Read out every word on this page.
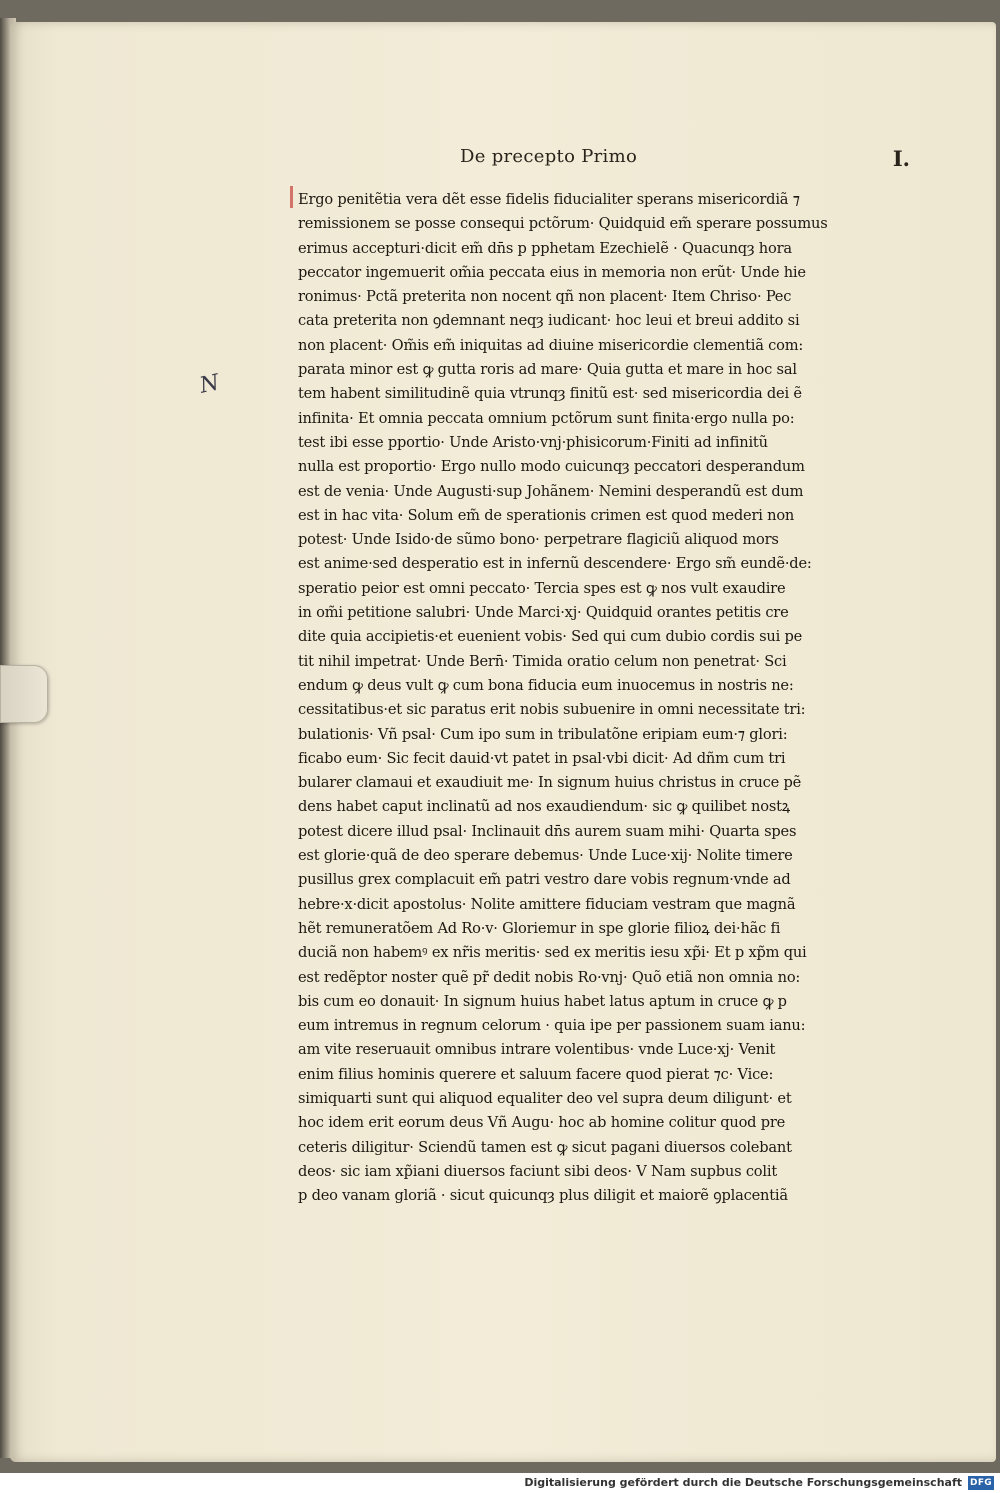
De precepto Primo	I.
N
Ergo penitẽtia vera dẽt esse fidelis fiducialiter sperans misericordiã ⁊
remissionem se posse consequi pctõrum· Quidquid em̃ sperare possumus
erimus accepturi·dicit em̃ dn̄s p pphetam Ezechielẽ · Quacunqȝ hora
peccator ingemuerit om̃ia peccata eius in memoria non erũt· Unde hie
ronimus· Pctã preterita non nocent qñ non placent· Item Chriso· Pec
cata preterita non ꝯdemnant neqȝ iudicant· hoc leui et breui addito si
non placent· Om̃is em̃ iniquitas ad diuine misericordie clementiã com:
parata minor est ꝙ gutta roris ad mare· Quia gutta et mare in hoc sal
tem habent similitudinẽ quia vtrunqȝ finitũ est· sed misericordia dei ẽ
infinita· Et omnia peccata omnium pctõrum sunt finita·ergo nulla po:
test ibi esse pportio· Unde Aristo·vnj·phisicorum·Finiti ad infinitũ
nulla est proportio· Ergo nullo modo cuicunqȝ peccatori desperandum
est de venia· Unde Augusti·sup Johãnem· Nemini desperandũ est dum
est in hac vita· Solum em̃ de sperationis crimen est quod mederi non
potest· Unde Isido·de sũmo bono· perpetrare flagiciũ aliquod mors
est anime·sed desperatio est in infernũ descendere· Ergo sm̃ eundẽ·de:
speratio peior est omni peccato· Tercia spes est ꝙ nos vult exaudire
in om̃i petitione salubri· Unde Marci·xj· Quidquid orantes petitis cre
dite quia accipietis·et euenient vobis· Sed qui cum dubio cordis sui pe
tit nihil impetrat· Unde Bern̄· Timida oratio celum non penetrat· Sci
endum ꝙ deus vult ꝙ cum bona fiducia eum inuocemus in nostris ne:
cessitatibus·et sic paratus erit nobis subuenire in omni necessitate tri:
bulationis· Vñ psal· Cum ipo sum in tribulatõne eripiam eum·⁊ glori:
ficabo eum· Sic fecit dauid·vt patet in psal·vbi dicit· Ad dñm cum tri
bularer clamaui et exaudiuit me· In signum huius christus in cruce pẽ
dens habet caput inclinatũ ad nos exaudiendum· sic ꝙ quilibet nostꝝ
potest dicere illud psal· Inclinauit dn̄s aurem suam mihi· Quarta spes
est glorie·quã de deo sperare debemus· Unde Luce·xij· Nolite timere
pusillus grex complacuit em̃ patri vestro dare vobis regnum·vnde ad
hebre·x·dicit apostolus· Nolite amittere fiduciam vestram que magnã
hẽt remuneratõem Ad Ro·v· Gloriemur in spe glorie filioꝝ dei·hãc fi
duciã non habemꝰ ex nr̃is meritis· sed ex meritis iesu xp̃i· Et p xp̃m qui
est redẽptor noster quẽ pr̃ dedit nobis Ro·vnj· Quõ etiã non omnia no:
bis cum eo donauit· In signum huius habet latus aptum in cruce ꝙ p
eum intremus in regnum celorum · quia ipe per passionem suam ianu:
am vite reseruauit omnibus intrare volentibus· vnde Luce·xj· Venit
enim filius hominis querere et saluum facere quod pierat ⁊c· Vice:
simiquarti sunt qui aliquod equaliter deo vel supra deum diligunt· et
hoc idem erit eorum deus Vñ Augu· hoc ab homine colitur quod pre
ceteris diligitur· Sciendũ tamen est ꝙ sicut pagani diuersos colebant
deos· sic iam xp̃iani diuersos faciunt sibi deos· V Nam supbus colit
p deo vanam gloriã · sicut quicunqȝ plus diligit et maiorẽ ꝯplacentiã
Digitalisierung gefördert durch die Deutsche Forschungsgemeinschaft DFG
